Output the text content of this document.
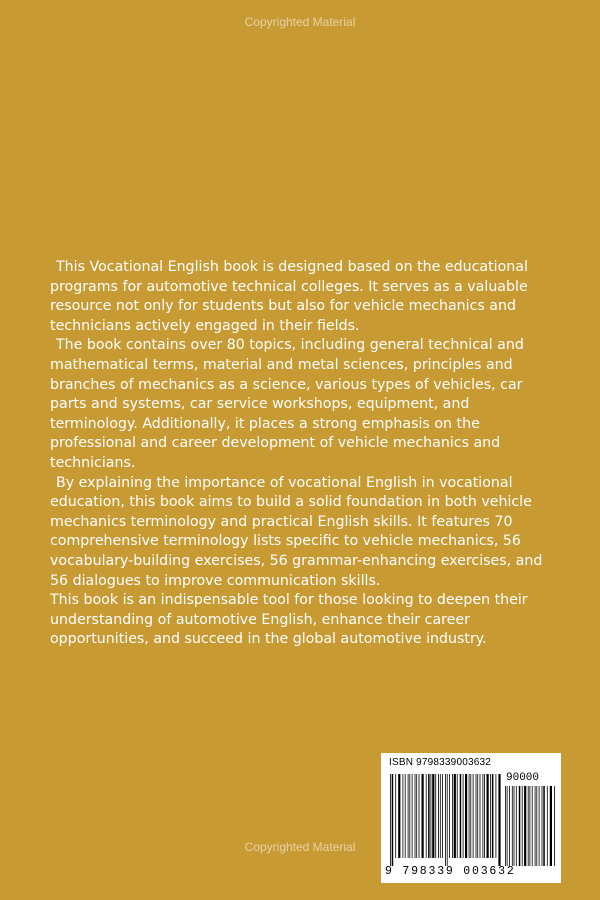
Copyrighted Material

This Vocational English book is designed based on the educational programs for automotive technical colleges. It serves as a valuable resource not only for students but also for vehicle mechanics and technicians actively engaged in their fields.

The book contains over 80 topics, including general technical and mathematical terms, material and metal sciences, principles and branches of mechanics as a science, various types of vehicles, car parts and systems, car service workshops, equipment, and terminology. Additionally, it places a strong emphasis on the professional and career development of vehicle mechanics and technicians.

By explaining the importance of vocational English in vocational education, this book aims to build a solid foundation in both vehicle mechanics terminology and practical English skills. It features 70 comprehensive terminology lists specific to vehicle mechanics, 56 vocabulary-building exercises, 56 grammar-enhancing exercises, and 56 dialogues to improve communication skills.

This book is an indispensable tool for those looking to deepen their understanding of automotive English, enhance their career opportunities, and succeed in the global automotive industry.

ISBN 9798339003632
90000
9 798339 003632
Copyrighted Material
